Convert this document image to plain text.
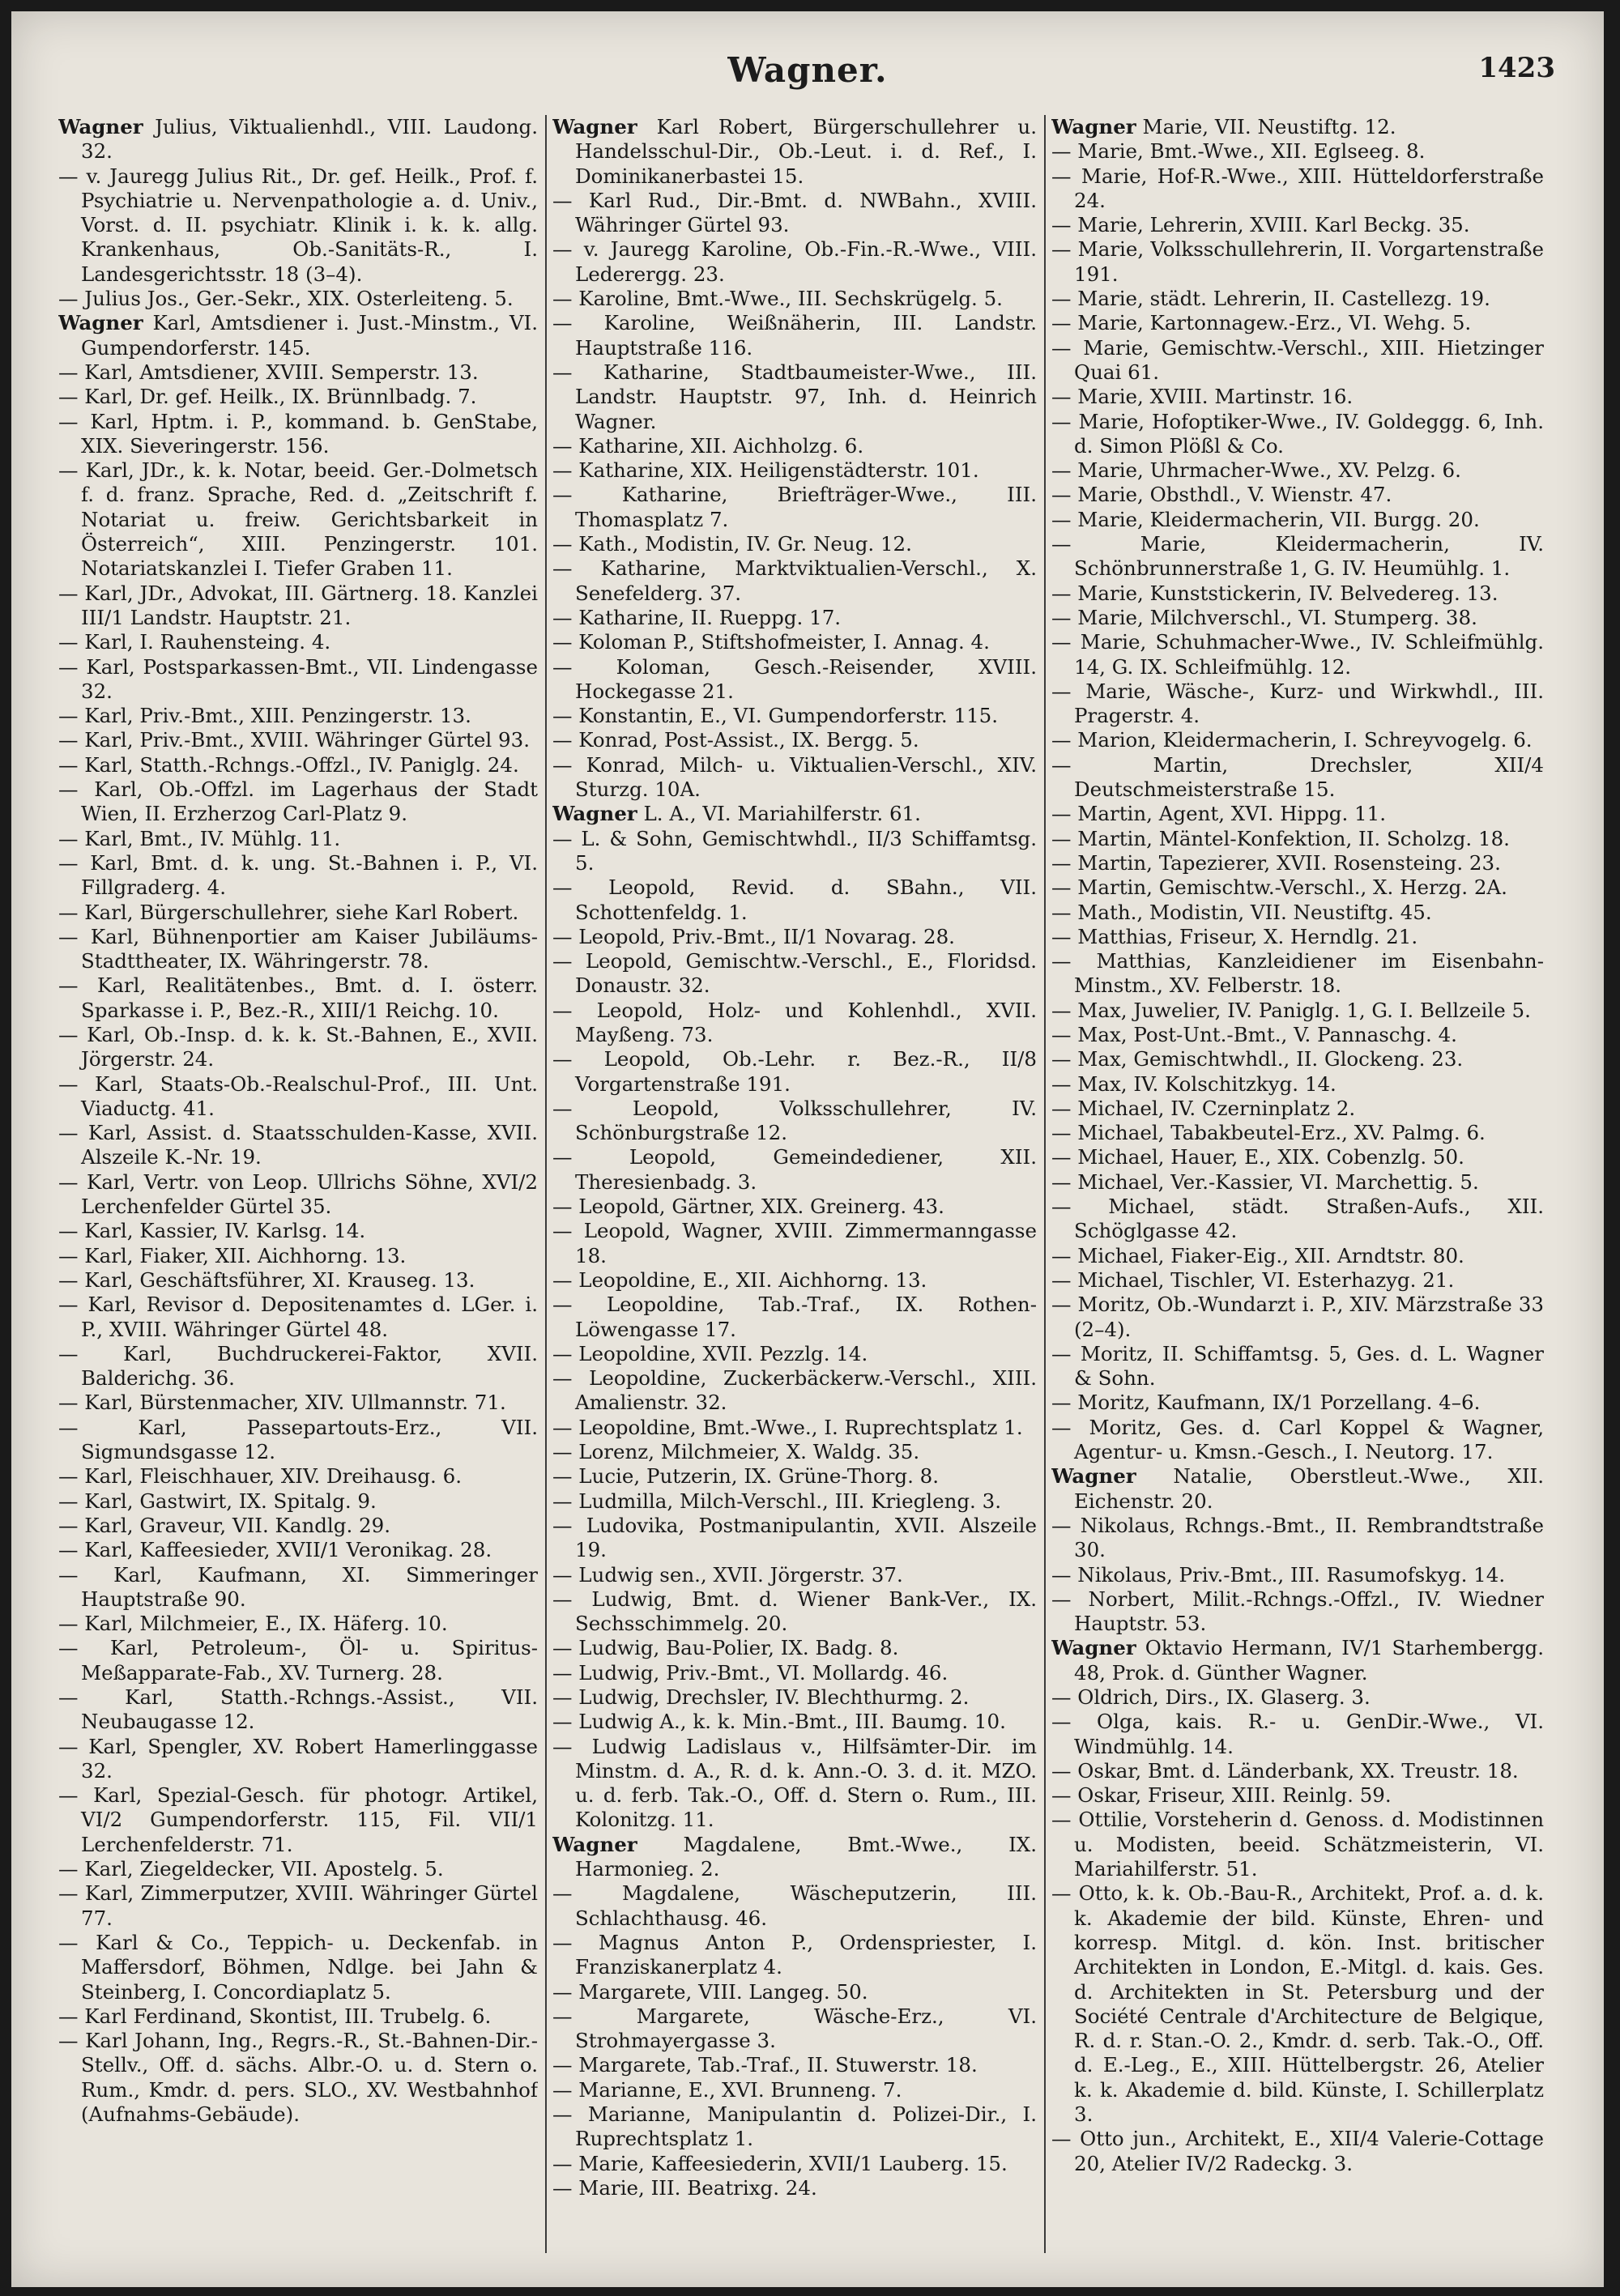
Wagner.	1423

Wagner Julius, Viktualienhdl., VIII. Laudong. 32.

— v. Jauregg Julius Rit., Dr. gef. Heilk., Prof. f. Psychiatrie u. Nervenpathologie a. d. Univ., Vorst. d. II. psychiatr. Klinik i. k. k. allg. Krankenhaus, Ob.-Sanitäts-R., I. Landesgerichtsstr. 18 (3–4).

— Julius Jos., Ger.-Sekr., XIX. Osterleiteng. 5.

Wagner Karl, Amtsdiener i. Just.-Minstm., VI. Gumpendorferstr. 145.

— Karl, Amtsdiener, XVIII. Semperstr. 13.

— Karl, Dr. gef. Heilk., IX. Brünnlbadg. 7.

— Karl, Hptm. i. P., kommand. b. GenStabe, XIX. Sieveringerstr. 156.

— Karl, JDr., k. k. Notar, beeid. Ger.-Dolmetsch f. d. franz. Sprache, Red. d. „Zeitschrift f. Notariat u. freiw. Gerichtsbarkeit in Österreich“, XIII. Penzingerstr. 101. Notariatskanzlei I. Tiefer Graben 11.

— Karl, JDr., Advokat, III. Gärtnerg. 18. Kanzlei III/1 Landstr. Hauptstr. 21.

— Karl, I. Rauhensteing. 4.

— Karl, Postsparkassen-Bmt., VII. Lindengasse 32.

— Karl, Priv.-Bmt., XIII. Penzingerstr. 13.

— Karl, Priv.-Bmt., XVIII. Währinger Gürtel 93.

— Karl, Statth.-Rchngs.-Offzl., IV. Paniglg. 24.

— Karl, Ob.-Offzl. im Lagerhaus der Stadt Wien, II. Erzherzog Carl-Platz 9.

— Karl, Bmt., IV. Mühlg. 11.

— Karl, Bmt. d. k. ung. St.-Bahnen i. P., VI. Fillgraderg. 4.

— Karl, Bürgerschullehrer, siehe Karl Robert.

— Karl, Bühnenportier am Kaiser Jubiläums-Stadttheater, IX. Währingerstr. 78.

— Karl, Realitätenbes., Bmt. d. I. österr. Sparkasse i. P., Bez.-R., XIII/1 Reichg. 10.

— Karl, Ob.-Insp. d. k. k. St.-Bahnen, E., XVII. Jörgerstr. 24.

— Karl, Staats-Ob.-Realschul-Prof., III. Unt. Viaductg. 41.

— Karl, Assist. d. Staatsschulden-Kasse, XVII. Alszeile K.-Nr. 19.

— Karl, Vertr. von Leop. Ullrichs Söhne, XVI/2 Lerchenfelder Gürtel 35.

— Karl, Kassier, IV. Karlsg. 14.

— Karl, Fiaker, XII. Aichhorng. 13.

— Karl, Geschäftsführer, XI. Krauseg. 13.

— Karl, Revisor d. Depositenamtes d. LGer. i. P., XVIII. Währinger Gürtel 48.

— Karl, Buchdruckerei-Faktor, XVII. Balderichg. 36.

— Karl, Bürstenmacher, XIV. Ullmannstr. 71.

— Karl, Passepartouts-Erz., VII. Sigmundsgasse 12.

— Karl, Fleischhauer, XIV. Dreihausg. 6.

— Karl, Gastwirt, IX. Spitalg. 9.

— Karl, Graveur, VII. Kandlg. 29.

— Karl, Kaffeesieder, XVII/1 Veronikag. 28.

— Karl, Kaufmann, XI. Simmeringer Hauptstraße 90.

— Karl, Milchmeier, E., IX. Häferg. 10.

— Karl, Petroleum-, Öl- u. Spiritus-Meßapparate-Fab., XV. Turnerg. 28.

— Karl, Statth.-Rchngs.-Assist., VII. Neubaugasse 12.

— Karl, Spengler, XV. Robert Hamerlinggasse 32.

— Karl, Spezial-Gesch. für photogr. Artikel, VI/2 Gumpendorferstr. 115, Fil. VII/1 Lerchenfelderstr. 71.

— Karl, Ziegeldecker, VII. Apostelg. 5.

— Karl, Zimmerputzer, XVIII. Währinger Gürtel 77.

— Karl & Co., Teppich- u. Deckenfab. in Maffersdorf, Böhmen, Ndlge. bei Jahn & Steinberg, I. Concordiaplatz 5.

— Karl Ferdinand, Skontist, III. Trubelg. 6.

— Karl Johann, Ing., Regrs.-R., St.-Bahnen-Dir.-Stellv., Off. d. sächs. Albr.-O. u. d. Stern o. Rum., Kmdr. d. pers. SLO., XV. Westbahnhof (Aufnahms-Gebäude).

Wagner Karl Robert, Bürgerschullehrer u. Handelsschul-Dir., Ob.-Leut. i. d. Ref., I. Dominikanerbastei 15.

— Karl Rud., Dir.-Bmt. d. NWBahn., XVIII. Währinger Gürtel 93.

— v. Jauregg Karoline, Ob.-Fin.-R.-Wwe., VIII. Lederergg. 23.

— Karoline, Bmt.-Wwe., III. Sechskrügelg. 5.

— Karoline, Weißnäherin, III. Landstr. Hauptstraße 116.

— Katharine, Stadtbaumeister-Wwe., III. Landstr. Hauptstr. 97, Inh. d. Heinrich Wagner.

— Katharine, XII. Aichholzg. 6.

— Katharine, XIX. Heiligenstädterstr. 101.

— Katharine, Briefträger-Wwe., III. Thomasplatz 7.

— Kath., Modistin, IV. Gr. Neug. 12.

— Katharine, Marktviktualien-Verschl., X. Senefelderg. 37.

— Katharine, II. Rueppg. 17.

— Koloman P., Stiftshofmeister, I. Annag. 4.

— Koloman, Gesch.-Reisender, XVIII. Hockegasse 21.

— Konstantin, E., VI. Gumpendorferstr. 115.

— Konrad, Post-Assist., IX. Bergg. 5.

— Konrad, Milch- u. Viktualien-Verschl., XIV. Sturzg. 10A.

Wagner L. A., VI. Mariahilferstr. 61.

— L. & Sohn, Gemischtwhdl., II/3 Schiffamtsg. 5.

— Leopold, Revid. d. SBahn., VII. Schottenfeldg. 1.

— Leopold, Priv.-Bmt., II/1 Novarag. 28.

— Leopold, Gemischtw.-Verschl., E., Floridsd. Donaustr. 32.

— Leopold, Holz- und Kohlenhdl., XVII. Mayßeng. 73.

— Leopold, Ob.-Lehr. r. Bez.-R., II/8 Vorgartenstraße 191.

— Leopold, Volksschullehrer, IV. Schönburgstraße 12.

— Leopold, Gemeindediener, XII. Theresienbadg. 3.

— Leopold, Gärtner, XIX. Greinerg. 43.

— Leopold, Wagner, XVIII. Zimmermanngasse 18.

— Leopoldine, E., XII. Aichhorng. 13.

— Leopoldine, Tab.-Traf., IX. Rothen-Löwengasse 17.

— Leopoldine, XVII. Pezzlg. 14.

— Leopoldine, Zuckerbäckerw.-Verschl., XIII. Amalienstr. 32.

— Leopoldine, Bmt.-Wwe., I. Ruprechtsplatz 1.

— Lorenz, Milchmeier, X. Waldg. 35.

— Lucie, Putzerin, IX. Grüne-Thorg. 8.

— Ludmilla, Milch-Verschl., III. Kriegleng. 3.

— Ludovika, Postmanipulantin, XVII. Alszeile 19.

— Ludwig sen., XVII. Jörgerstr. 37.

— Ludwig, Bmt. d. Wiener Bank-Ver., IX. Sechsschimmelg. 20.

— Ludwig, Bau-Polier, IX. Badg. 8.

— Ludwig, Priv.-Bmt., VI. Mollardg. 46.

— Ludwig, Drechsler, IV. Blechthurmg. 2.

— Ludwig A., k. k. Min.-Bmt., III. Baumg. 10.

— Ludwig Ladislaus v., Hilfsämter-Dir. im Minstm. d. A., R. d. k. Ann.-O. 3. d. it. MZO. u. d. ferb. Tak.-O., Off. d. Stern o. Rum., III. Kolonitzg. 11.

Wagner Magdalene, Bmt.-Wwe., IX. Harmonieg. 2.

— Magdalene, Wäscheputzerin, III. Schlachthausg. 46.

— Magnus Anton P., Ordenspriester, I. Franziskanerplatz 4.

— Margarete, VIII. Langeg. 50.

— Margarete, Wäsche-Erz., VI. Strohmayergasse 3.

— Margarete, Tab.-Traf., II. Stuwerstr. 18.

— Marianne, E., XVI. Brunneng. 7.

— Marianne, Manipulantin d. Polizei-Dir., I. Ruprechtsplatz 1.

— Marie, Kaffeesiederin, XVII/1 Lauberg. 15.

— Marie, III. Beatrixg. 24.

Wagner Marie, VII. Neustiftg. 12.

— Marie, Bmt.-Wwe., XII. Eglseeg. 8.

— Marie, Hof-R.-Wwe., XIII. Hütteldorferstraße 24.

— Marie, Lehrerin, XVIII. Karl Beckg. 35.

— Marie, Volksschullehrerin, II. Vorgartenstraße 191.

— Marie, städt. Lehrerin, II. Castellezg. 19.

— Marie, Kartonnagew.-Erz., VI. Wehg. 5.

— Marie, Gemischtw.-Verschl., XIII. Hietzinger Quai 61.

— Marie, XVIII. Martinstr. 16.

— Marie, Hofoptiker-Wwe., IV. Goldeggg. 6, Inh. d. Simon Plößl & Co.

— Marie, Uhrmacher-Wwe., XV. Pelzg. 6.

— Marie, Obsthdl., V. Wienstr. 47.

— Marie, Kleidermacherin, VII. Burgg. 20.

— Marie, Kleidermacherin, IV. Schönbrunnerstraße 1, G. IV. Heumühlg. 1.

— Marie, Kunststickerin, IV. Belvedereg. 13.

— Marie, Milchverschl., VI. Stumperg. 38.

— Marie, Schuhmacher-Wwe., IV. Schleifmühlg. 14, G. IX. Schleifmühlg. 12.

— Marie, Wäsche-, Kurz- und Wirkwhdl., III. Pragerstr. 4.

— Marion, Kleidermacherin, I. Schreyvogelg. 6.

— Martin, Drechsler, XII/4 Deutschmeisterstraße 15.

— Martin, Agent, XVI. Hippg. 11.

— Martin, Mäntel-Konfektion, II. Scholzg. 18.

— Martin, Tapezierer, XVII. Rosensteing. 23.

— Martin, Gemischtw.-Verschl., X. Herzg. 2A.

— Math., Modistin, VII. Neustiftg. 45.

— Matthias, Friseur, X. Herndlg. 21.

— Matthias, Kanzleidiener im Eisenbahn-Minstm., XV. Felberstr. 18.

— Max, Juwelier, IV. Paniglg. 1, G. I. Bellzeile 5.

— Max, Post-Unt.-Bmt., V. Pannaschg. 4.

— Max, Gemischtwhdl., II. Glockeng. 23.

— Max, IV. Kolschitzkyg. 14.

— Michael, IV. Czerninplatz 2.

— Michael, Tabakbeutel-Erz., XV. Palmg. 6.

— Michael, Hauer, E., XIX. Cobenzlg. 50.

— Michael, Ver.-Kassier, VI. Marchettig. 5.

— Michael, städt. Straßen-Aufs., XII. Schöglgasse 42.

— Michael, Fiaker-Eig., XII. Arndtstr. 80.

— Michael, Tischler, VI. Esterhazyg. 21.

— Moritz, Ob.-Wundarzt i. P., XIV. Märzstraße 33 (2–4).

— Moritz, II. Schiffamtsg. 5, Ges. d. L. Wagner & Sohn.

— Moritz, Kaufmann, IX/1 Porzellang. 4–6.

— Moritz, Ges. d. Carl Koppel & Wagner, Agentur- u. Kmsn.-Gesch., I. Neutorg. 17.

Wagner Natalie, Oberstleut.-Wwe., XII. Eichenstr. 20.

— Nikolaus, Rchngs.-Bmt., II. Rembrandtstraße 30.

— Nikolaus, Priv.-Bmt., III. Rasumofskyg. 14.

— Norbert, Milit.-Rchngs.-Offzl., IV. Wiedner Hauptstr. 53.

Wagner Oktavio Hermann, IV/1 Starhembergg. 48, Prok. d. Günther Wagner.

— Oldrich, Dirs., IX. Glaserg. 3.

— Olga, kais. R.- u. GenDir.-Wwe., VI. Windmühlg. 14.

— Oskar, Bmt. d. Länderbank, XX. Treustr. 18.

— Oskar, Friseur, XIII. Reinlg. 59.

— Ottilie, Vorsteherin d. Genoss. d. Modistinnen u. Modisten, beeid. Schätzmeisterin, VI. Mariahilferstr. 51.

— Otto, k. k. Ob.-Bau-R., Architekt, Prof. a. d. k. k. Akademie der bild. Künste, Ehren- und korresp. Mitgl. d. kön. Inst. britischer Architekten in London, E.-Mitgl. d. kais. Ges. d. Architekten in St. Petersburg und der Société Centrale d'Architecture de Belgique, R. d. r. Stan.-O. 2., Kmdr. d. serb. Tak.-O., Off. d. E.-Leg., E., XIII. Hüttelbergstr. 26, Atelier k. k. Akademie d. bild. Künste, I. Schillerplatz 3.

— Otto jun., Architekt, E., XII/4 Valerie-Cottage 20, Atelier IV/2 Radeckg. 3.
